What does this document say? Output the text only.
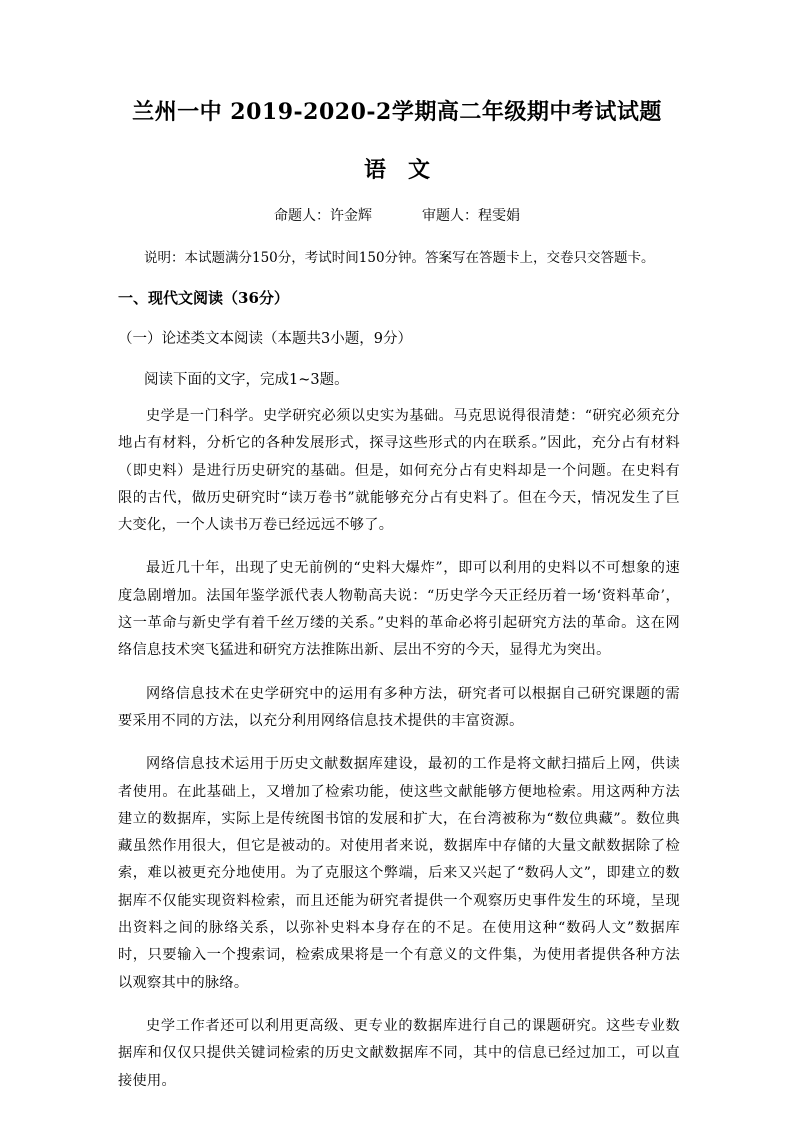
兰州一中 2019-2020-2学期高二年级期中考试试题
语　文
命题人：许金辉	审题人：程雯娟
说明：本试题满分150分，考试时间150分钟。答案写在答题卡上，交卷只交答题卡。
一、现代文阅读（36分）
（一）论述类文本阅读（本题共3小题，9分）
阅读下面的文字，完成1~3题。

史学是一门科学。史学研究必须以史实为基础。马克思说得很清楚：“研究必须充分地占有材料，分析它的各种发展形式，探寻这些形式的内在联系。”因此，充分占有材料（即史料）是进行历史研究的基础。但是，如何充分占有史料却是一个问题。在史料有限的古代，做历史研究时“读万卷书”就能够充分占有史料了。但在今天，情况发生了巨大变化，一个人读书万卷已经远远不够了。

最近几十年，出现了史无前例的“史料大爆炸”，即可以利用的史料以不可想象的速度急剧增加。法国年鉴学派代表人物勒高夫说：“历史学今天正经历着一场‘资料革命’，这一革命与新史学有着千丝万缕的关系。”史料的革命必将引起研究方法的革命。这在网络信息技术突飞猛进和研究方法推陈出新、层出不穷的今天，显得尤为突出。

网络信息技术在史学研究中的运用有多种方法，研究者可以根据自己研究课题的需要采用不同的方法，以充分利用网络信息技术提供的丰富资源。

网络信息技术运用于历史文献数据库建设，最初的工作是将文献扫描后上网，供读者使用。在此基础上，又增加了检索功能，使这些文献能够方便地检索。用这两种方法建立的数据库，实际上是传统图书馆的发展和扩大，在台湾被称为“数位典藏”。数位典藏虽然作用很大，但它是被动的。对使用者来说，数据库中存储的大量文献数据除了检索，难以被更充分地使用。为了克服这个弊端，后来又兴起了“数码人文”，即建立的数据库不仅能实现资料检索，而且还能为研究者提供一个观察历史事件发生的环境，呈现出资料之间的脉络关系，以弥补史料本身存在的不足。在使用这种“数码人文”数据库时，只要输入一个搜索词，检索成果将是一个有意义的文件集，为使用者提供各种方法以观察其中的脉络。

史学工作者还可以利用更高级、更专业的数据库进行自己的课题研究。这些专业数据库和仅仅只提供关键词检索的历史文献数据库不同，其中的信息已经过加工，可以直接使用。
